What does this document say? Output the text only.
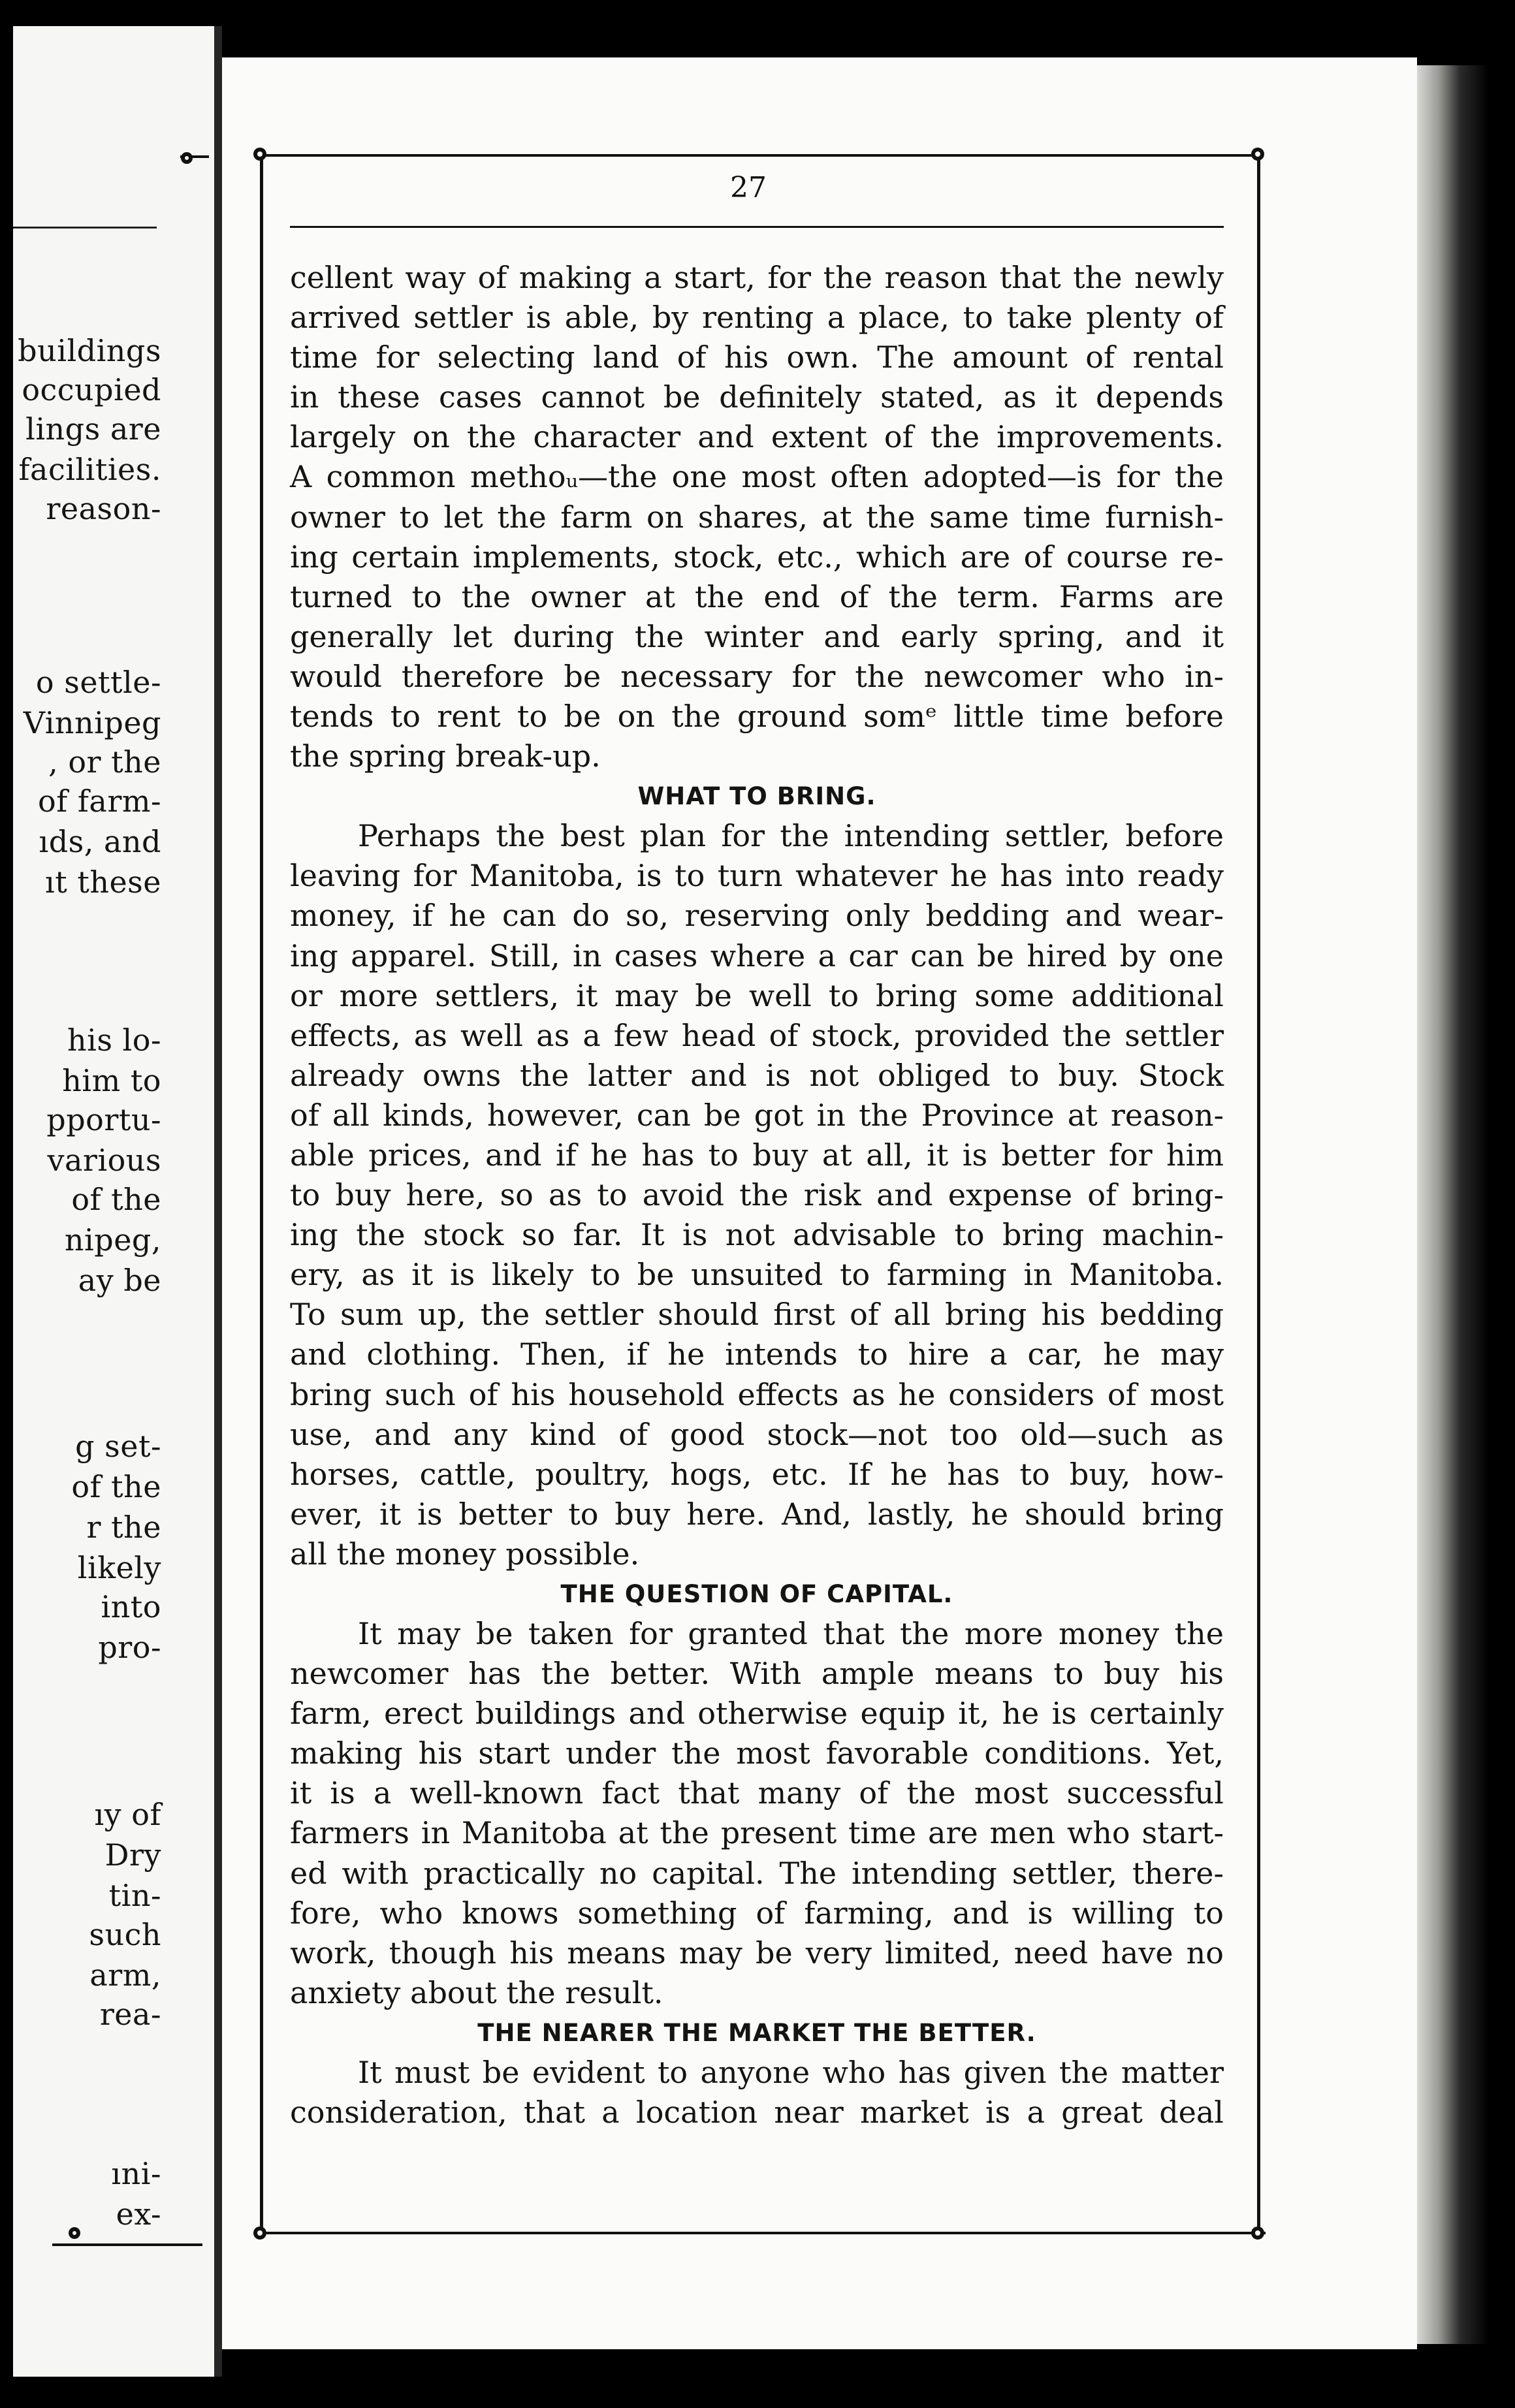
buildings
occupied
lings are
facilities.
reason-
o settle-
Vinnipeg
, or the
of farm-
ıds, and
ıt these
his lo-
him to
pportu-
various
of the
nipeg,
ay be
g set-
of the
r the
likely
into
pro-
ıy of
Dry
tin-
such
arm,
rea-
ıni-
ex-
27
cellent way of making a start, for the reason that the newly
arrived settler is able, by renting a place, to take plenty of
time for selecting land of his own. The amount of rental
in these cases cannot be definitely stated, as it depends
largely on the character and extent of the improvements.
A common methoᵤ—the one most often adopted—is for the
owner to let the farm on shares, at the same time furnish-
ing certain implements, stock, etc., which are of course re-
turned to the owner at the end of the term. Farms are
generally let during the winter and early spring, and it
would therefore be necessary for the newcomer who in-
tends to rent to be on the ground somᵉ little time before
the spring break-up.
WHAT TO BRING.
Perhaps the best plan for the intending settler, before
leaving for Manitoba, is to turn whatever he has into ready
money, if he can do so, reserving only bedding and wear-
ing apparel. Still, in cases where a car can be hired by one
or more settlers, it may be well to bring some additional
effects, as well as a few head of stock, provided the settler
already owns the latter and is not obliged to buy. Stock
of all kinds, however, can be got in the Province at reason-
able prices, and if he has to buy at all, it is better for him
to buy here, so as to avoid the risk and expense of bring-
ing the stock so far. It is not advisable to bring machin-
ery, as it is likely to be unsuited to farming in Manitoba.
To sum up, the settler should first of all bring his bedding
and clothing. Then, if he intends to hire a car, he may
bring such of his household effects as he considers of most
use, and any kind of good stock—not too old—such as
horses, cattle, poultry, hogs, etc. If he has to buy, how-
ever, it is better to buy here. And, lastly, he should bring
all the money possible.
THE QUESTION OF CAPITAL.
It may be taken for granted that the more money the
newcomer has the better. With ample means to buy his
farm, erect buildings and otherwise equip it, he is certainly
making his start under the most favorable conditions. Yet,
it is a well-known fact that many of the most successful
farmers in Manitoba at the present time are men who start-
ed with practically no capital. The intending settler, there-
fore, who knows something of farming, and is willing to
work, though his means may be very limited, need have no
anxiety about the result.
THE NEARER THE MARKET THE BETTER.
It must be evident to anyone who has given the matter
consideration, that a location near market is a great deal
